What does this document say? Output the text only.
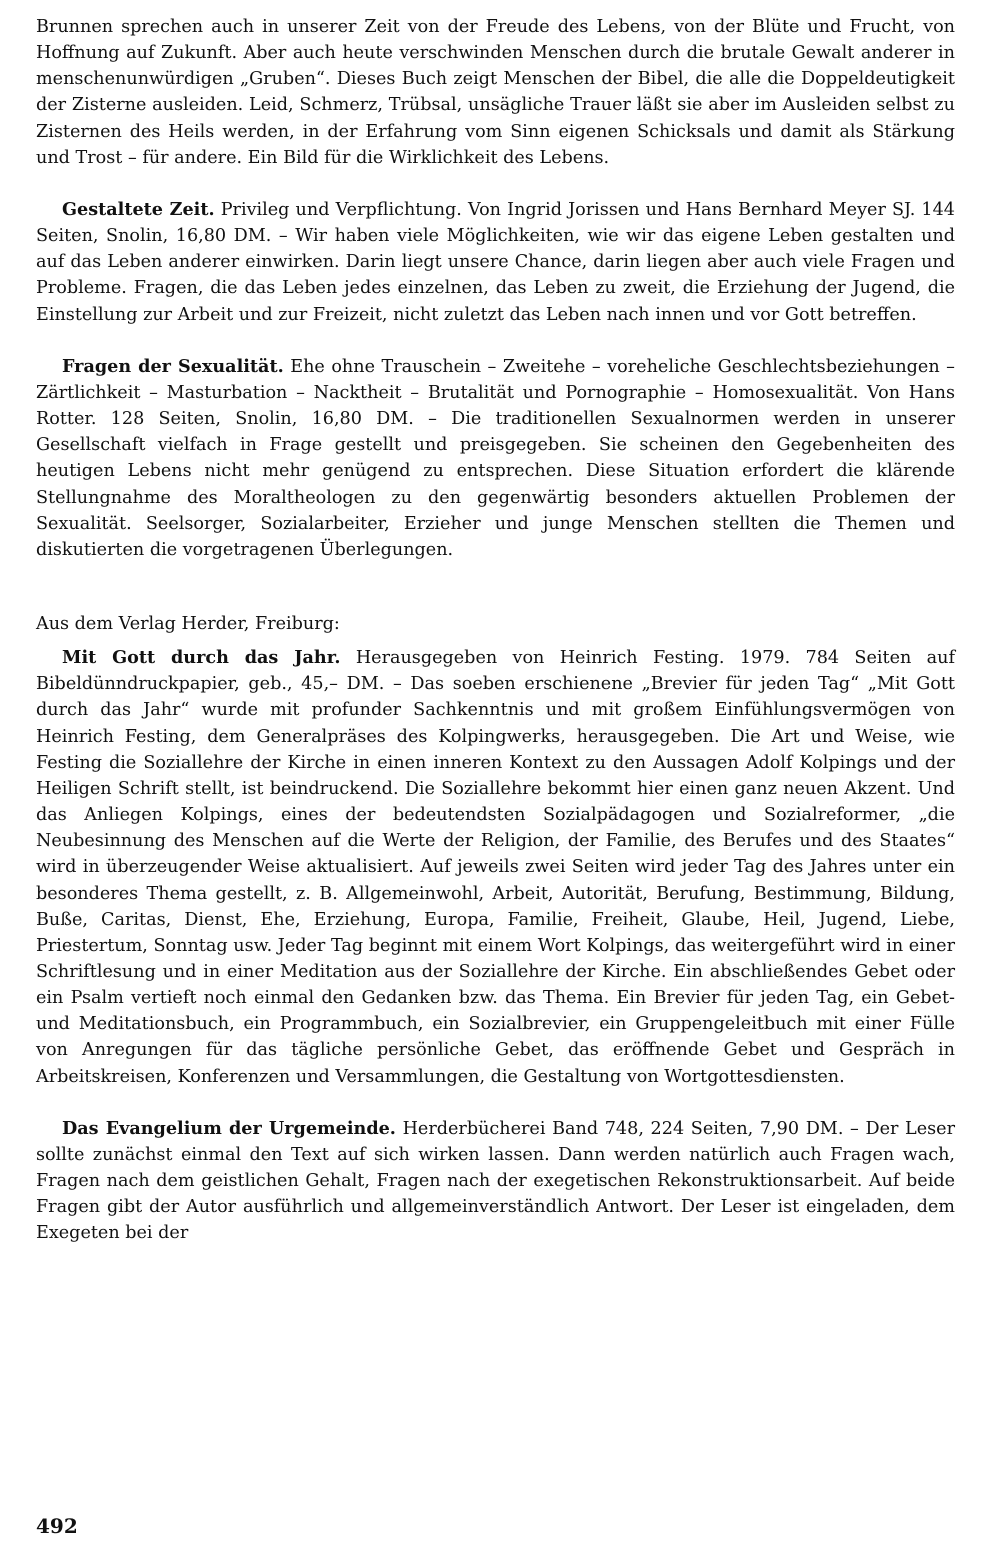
Brunnen sprechen auch in unserer Zeit von der Freude des Lebens, von der Blüte und Frucht, von Hoffnung auf Zukunft. Aber auch heute verschwinden Menschen durch die brutale Gewalt anderer in menschenunwürdigen „Gruben“. Dieses Buch zeigt Menschen der Bibel, die alle die Doppeldeutigkeit der Zisterne ausleiden. Leid, Schmerz, Trübsal, unsägliche Trauer läßt sie aber im Ausleiden selbst zu Zisternen des Heils werden, in der Erfahrung vom Sinn eigenen Schicksals und damit als Stärkung und Trost – für andere. Ein Bild für die Wirklichkeit des Lebens.

Gestaltete Zeit. Privileg und Verpflichtung. Von Ingrid Jorissen und Hans Bernhard Meyer SJ. 144 Seiten, Snolin, 16,80 DM. – Wir haben viele Möglichkeiten, wie wir das eigene Leben gestalten und auf das Leben anderer einwirken. Darin liegt unsere Chance, darin liegen aber auch viele Fragen und Probleme. Fragen, die das Leben jedes einzelnen, das Leben zu zweit, die Erziehung der Jugend, die Einstellung zur Arbeit und zur Freizeit, nicht zuletzt das Leben nach innen und vor Gott betreffen.

Fragen der Sexualität. Ehe ohne Trauschein – Zweitehe – voreheliche Geschlechtsbeziehungen – Zärtlichkeit – Masturbation – Nacktheit – Brutalität und Pornographie – Homosexualität. Von Hans Rotter. 128 Seiten, Snolin, 16,80 DM. – Die traditionellen Sexualnormen werden in unserer Gesellschaft vielfach in Frage gestellt und preisgegeben. Sie scheinen den Gegebenheiten des heutigen Lebens nicht mehr genügend zu entsprechen. Diese Situation erfordert die klärende Stellungnahme des Moraltheologen zu den gegenwärtig besonders aktuellen Problemen der Sexualität. Seelsorger, Sozialarbeiter, Erzieher und junge Menschen stellten die Themen und diskutierten die vorgetragenen Überlegungen.

Aus dem Verlag Herder, Freiburg:

Mit Gott durch das Jahr. Herausgegeben von Heinrich Festing. 1979. 784 Seiten auf Bibeldünndruckpapier, geb., 45,– DM. – Das soeben erschienene „Brevier für jeden Tag“ „Mit Gott durch das Jahr“ wurde mit profunder Sachkenntnis und mit großem Einfühlungsvermögen von Heinrich Festing, dem Generalpräses des Kolpingwerks, herausgegeben. Die Art und Weise, wie Festing die Soziallehre der Kirche in einen inneren Kontext zu den Aussagen Adolf Kolpings und der Heiligen Schrift stellt, ist beindruckend. Die Soziallehre bekommt hier einen ganz neuen Akzent. Und das Anliegen Kolpings, eines der bedeutendsten Sozialpädagogen und Sozialreformer, „die Neubesinnung des Menschen auf die Werte der Religion, der Familie, des Berufes und des Staates“ wird in überzeugender Weise aktualisiert. Auf jeweils zwei Seiten wird jeder Tag des Jahres unter ein besonderes Thema gestellt, z. B. Allgemeinwohl, Arbeit, Autorität, Berufung, Bestimmung, Bildung, Buße, Caritas, Dienst, Ehe, Erziehung, Europa, Familie, Freiheit, Glaube, Heil, Jugend, Liebe, Priestertum, Sonntag usw. Jeder Tag beginnt mit einem Wort Kolpings, das weitergeführt wird in einer Schriftlesung und in einer Meditation aus der Soziallehre der Kirche. Ein abschließendes Gebet oder ein Psalm vertieft noch einmal den Gedanken bzw. das Thema. Ein Brevier für jeden Tag, ein Gebet- und Meditationsbuch, ein Programmbuch, ein Sozialbrevier, ein Gruppengeleitbuch mit einer Fülle von Anregungen für das tägliche persönliche Gebet, das eröffnende Gebet und Gespräch in Arbeitskreisen, Konferenzen und Versammlungen, die Gestaltung von Wortgottesdiensten.

Das Evangelium der Urgemeinde. Herderbücherei Band 748, 224 Seiten, 7,90 DM. – Der Leser sollte zunächst einmal den Text auf sich wirken lassen. Dann werden natürlich auch Fragen wach, Fragen nach dem geistlichen Gehalt, Fragen nach der exegetischen Rekonstruktionsarbeit. Auf beide Fragen gibt der Autor ausführlich und allgemeinverständlich Antwort. Der Leser ist eingeladen, dem Exegeten bei der

492
